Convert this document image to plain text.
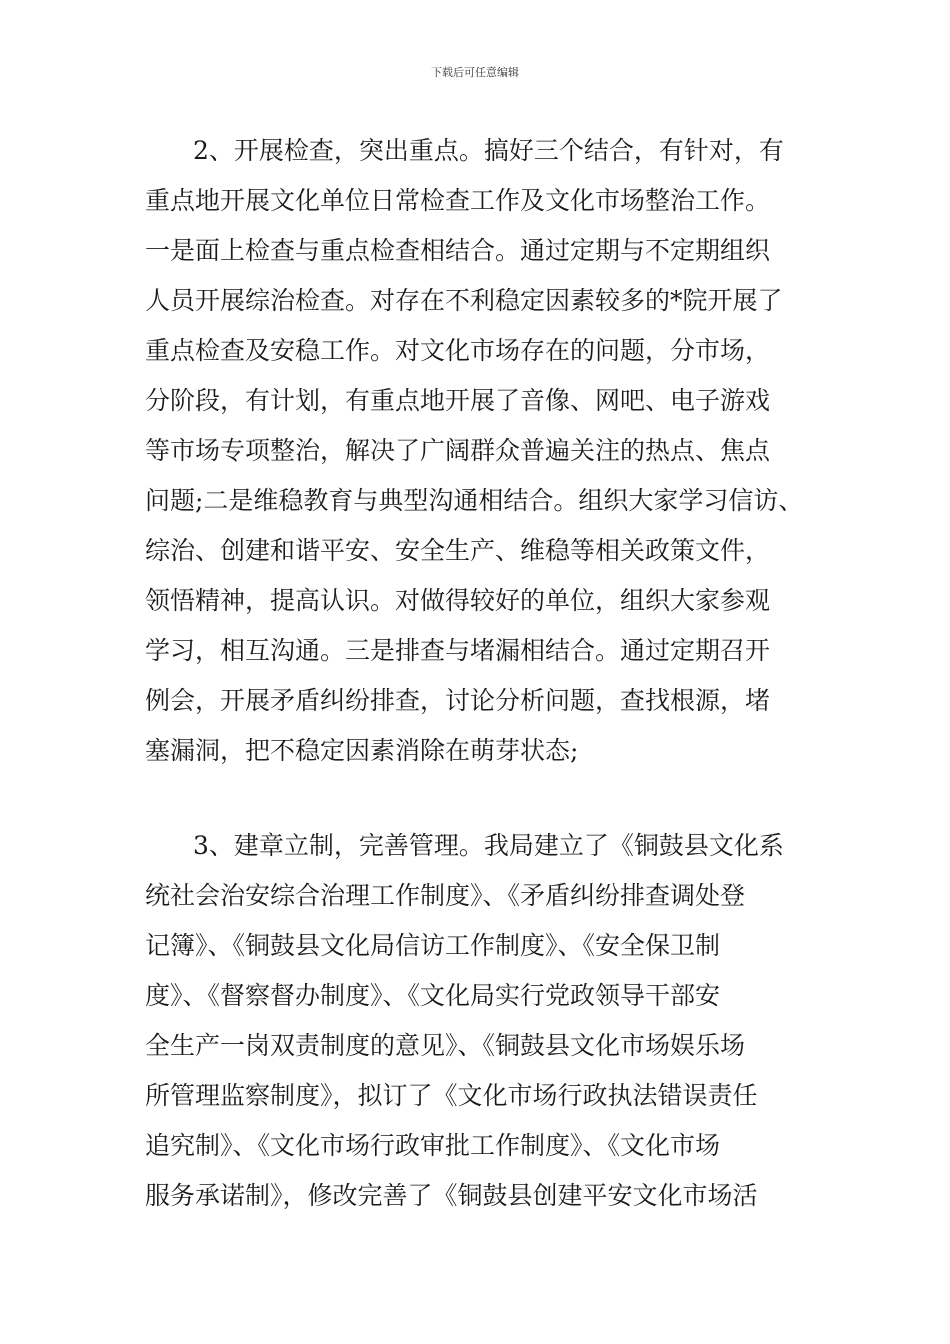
下载后可任意编辑
2、开展检查，突出重点。搞好三个结合，有针对，有
重点地开展文化单位日常检查工作及文化市场整治工作。
一是面上检查与重点检查相结合。通过定期与不定期组织
人员开展综治检查。对存在不利稳定因素较多的*院开展了
重点检查及安稳工作。对文化市场存在的问题，分市场，
分阶段，有计划，有重点地开展了音像、网吧、电子游戏
等市场专项整治，解决了广阔群众普遍关注的热点、焦点
问题;二是维稳教育与典型沟通相结合。组织大家学习信访、
综治、创建和谐平安、安全生产、维稳等相关政策文件，
领悟精神，提高认识。对做得较好的单位，组织大家参观
学习，相互沟通。三是排查与堵漏相结合。通过定期召开
例会，开展矛盾纠纷排查，讨论分析问题，查找根源，堵
塞漏洞，把不稳定因素消除在萌芽状态;
3、建章立制，完善管理。我局建立了《铜鼓县文化系
统社会治安综合治理工作制度》、《矛盾纠纷排查调处登
记簿》、《铜鼓县文化局信访工作制度》、《安全保卫制
度》、《督察督办制度》、《文化局实行党政领导干部安
全生产一岗双责制度的意见》、《铜鼓县文化市场娱乐场
所管理监察制度》，拟订了《文化市场行政执法错误责任
追究制》、《文化市场行政审批工作制度》、《文化市场
服务承诺制》，修改完善了《铜鼓县创建平安文化市场活
